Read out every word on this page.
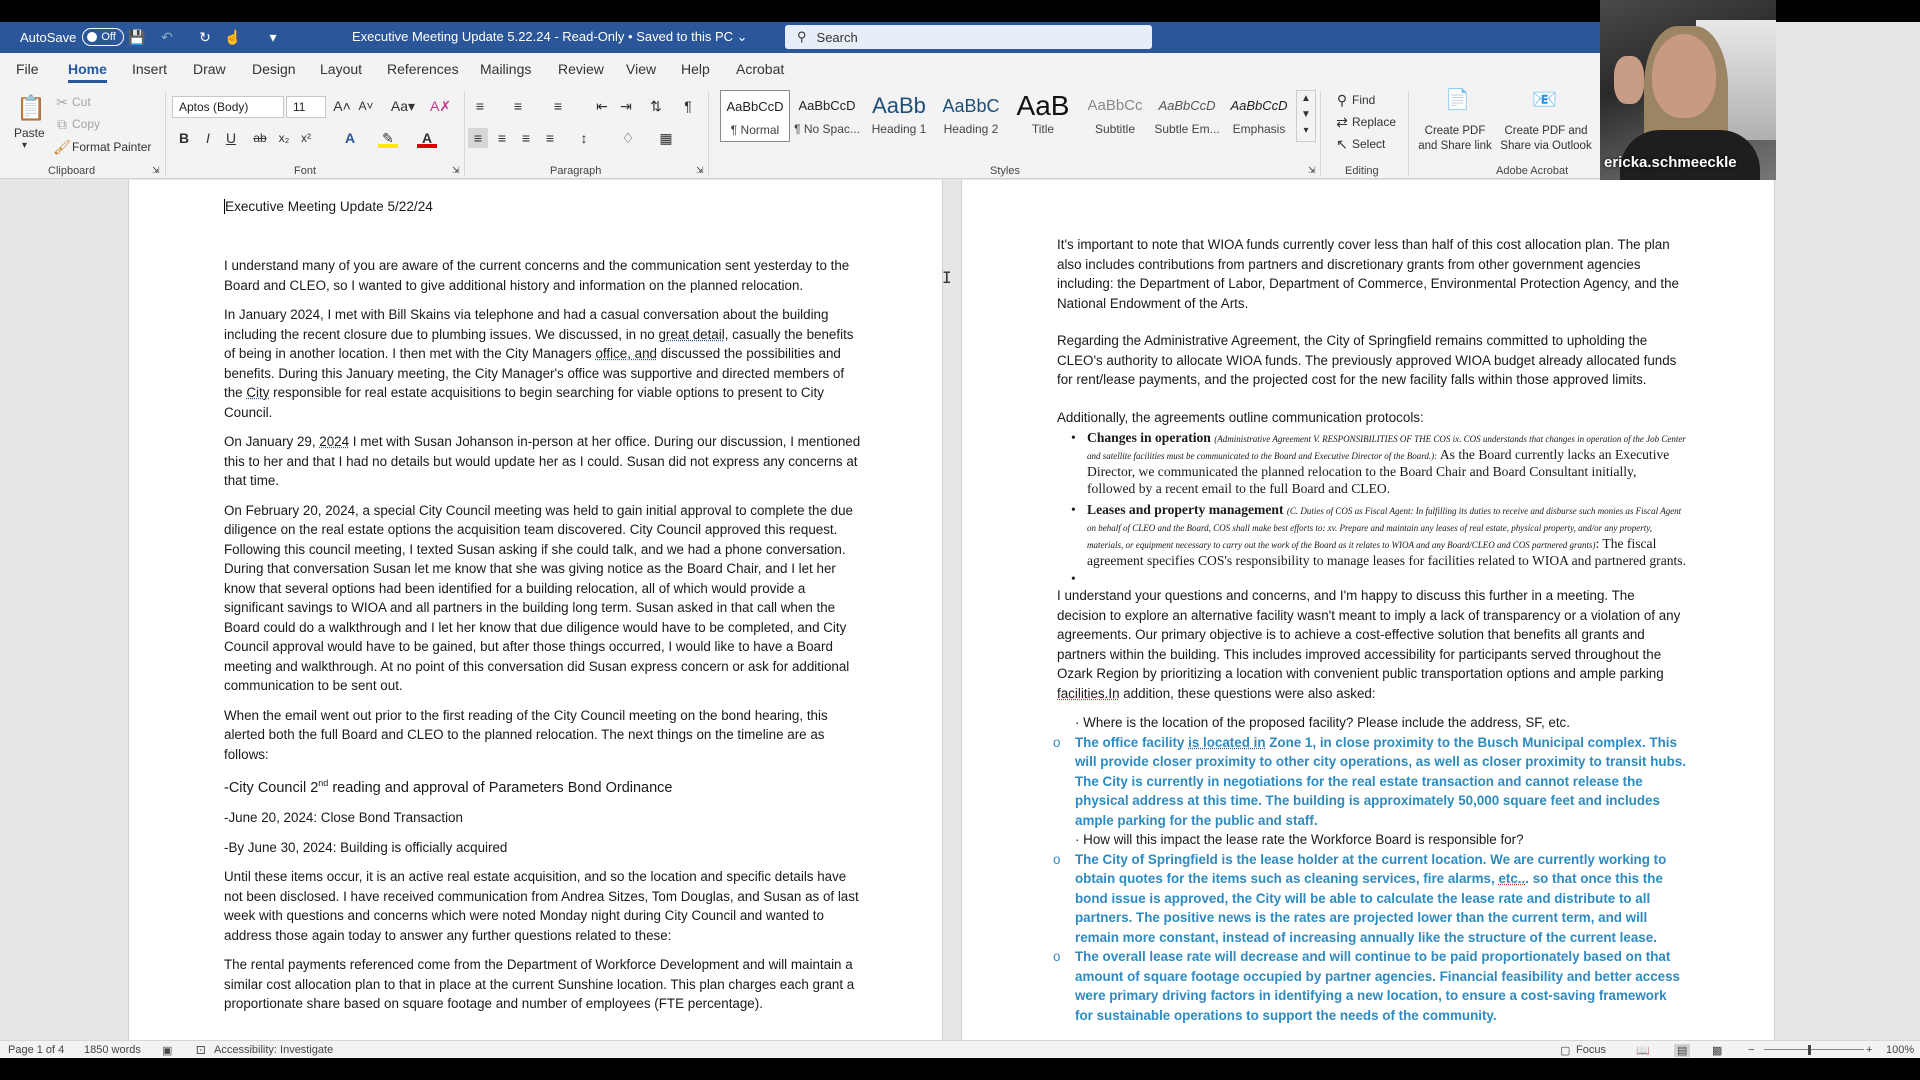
AutoSave Off 💾 ↶ ↻ ☝	▾	Executive Meeting Update 5.22.24 - Read-Only • Saved to this PC ⌄	⚲ Search
File Home Insert Draw Design Layout References Mailings Review View Help Acrobat
📋
Paste
▾
✂ Cut
⧉ Copy
🖌 Format Painter
Clipboard	⇲
Aptos (Body)	11	A˄ A˅ Aa▾ A✗
B	I	U	ab x₂ x²	A	✎	A
Font	⇲
≡	≡	≡	⇤ ⇥ ⇅	¶
≡	≡	≡	≡	↕	♢ ▦
Paragraph	⇲
AaBbCcD
¶ Normal
AaBbCcD
¶ No Spac...
AaBb
Heading 1
AaBbC
Heading 2
AaB
Title
AaBbCc
Subtitle
AaBbCcD
Subtle Em...
AaBbCcD
Emphasis
▲
▼
▾
Styles	⇲
⚲ Find
⇄ Replace
↖ Select
Editing
📄
Create PDF and Share link
📧
Create PDF and Share via Outlook
Adobe Acrobat ericka.schmeeckle
Executive Meeting Update 5/22/24

I understand many of you are aware of the current concerns and the communication sent yesterday to the Board and CLEO, so I wanted to give additional history and information on the planned relocation.

In January 2024, I met with Bill Skains via telephone and had a casual conversation about the building including the recent closure due to plumbing issues. We discussed, in no great detail, casually the benefits of being in another location. I then met with the City Managers office, and discussed the possibilities and benefits. During this January meeting, the City Manager's office was supportive and directed members of the City responsible for real estate acquisitions to begin searching for viable options to present to City Council.

On January 29, 2024 I met with Susan Johanson in-person at her office. During our discussion, I mentioned this to her and that I had no details but would update her as I could. Susan did not express any concerns at that time.

On February 20, 2024, a special City Council meeting was held to gain initial approval to complete the due diligence on the real estate options the acquisition team discovered. City Council approved this request. Following this council meeting, I texted Susan asking if she could talk, and we had a phone conversation. During that conversation Susan let me know that she was giving notice as the Board Chair, and I let her know that several options had been identified for a building relocation, all of which would provide a significant savings to WIOA and all partners in the building long term. Susan asked in that call when the Board could do a walkthrough and I let her know that due diligence would have to be completed, and City Council approval would have to be gained, but after those things occurred, I would like to have a Board meeting and walkthrough. At no point of this conversation did Susan express concern or ask for additional communication to be sent out.

When the email went out prior to the first reading of the City Council meeting on the bond hearing, this alerted both the full Board and CLEO to the planned relocation. The next things on the timeline are as follows:

-City Council 2nd reading and approval of Parameters Bond Ordinance

-June 20, 2024: Close Bond Transaction

-By June 30, 2024: Building is officially acquired

Until these items occur, it is an active real estate acquisition, and so the location and specific details have not been disclosed. I have received communication from Andrea Sitzes, Tom Douglas, and Susan as of last week with questions and concerns which were noted Monday night during City Council and wanted to address those again today to answer any further questions related to these:

The rental payments referenced come from the Department of Workforce Development and will maintain a similar cost allocation plan to that in place at the current Sunshine location. This plan charges each grant a proportionate share based on square footage and number of employees (FTE percentage).

It's important to note that WIOA funds currently cover less than half of this cost allocation plan. The plan also includes contributions from partners and discretionary grants from other government agencies including: the Department of Labor, Department of Commerce, Environmental Protection Agency, and the National Endowment of the Arts.

Regarding the Administrative Agreement, the City of Springfield remains committed to upholding the CLEO's authority to allocate WIOA funds. The previously approved WIOA budget already allocated funds for rent/lease payments, and the projected cost for the new facility falls within those approved limits.

Additionally, the agreements outline communication protocols:

• Changes in operation (Administrative Agreement V. RESPONSIBILITIES OF THE COS ix. COS understands that changes in operation of the Job Center and satellite facilities must be communicated to the Board and Executive Director of the Board.): As the Board currently lacks an Executive Director, we communicated the planned relocation to the Board Chair and Board Consultant initially, followed by a recent email to the full Board and CLEO.
• Leases and property management (C. Duties of COS as Fiscal Agent: In fulfilling its duties to receive and disburse such monies as Fiscal Agent on behalf of CLEO and the Board, COS shall make best efforts to: xv. Prepare and maintain any leases of real estate, physical property, and/or any property, materials, or equipment necessary to carry out the work of the Board as it relates to WIOA and any Board/CLEO and COS partnered grants): The fiscal agreement specifies COS's responsibility to manage leases for facilities related to WIOA and partnered grants.
•

I understand your questions and concerns, and I'm happy to discuss this further in a meeting. The decision to explore an alternative facility wasn't meant to imply a lack of transparency or a violation of any agreements. Our primary objective is to achieve a cost-effective solution that benefits all grants and partners within the building. This includes improved accessibility for participants served throughout the Ozark Region by prioritizing a location with convenient public transportation options and ample parking facilities.In addition, these questions were also asked:

· Where is the location of the proposed facility? Please include the address, SF, etc.

o The office facility is located in Zone 1, in close proximity to the Busch Municipal complex. This will provide closer proximity to other city operations, as well as closer proximity to transit hubs. The City is currently in negotiations for the real estate transaction and cannot release the physical address at this time. The building is approximately 50,000 square feet and includes ample parking for the public and staff.

· How will this impact the lease rate the Workforce Board is responsible for?

o The City of Springfield is the lease holder at the current location. We are currently working to obtain quotes for the items such as cleaning services, fire alarms, etc... so that once this the bond issue is approved, the City will be able to calculate the lease rate and distribute to all partners. The positive news is the rates are projected lower than the current term, and will remain more constant, instead of increasing annually like the structure of the current lease.
o The overall lease rate will decrease and will continue to be paid proportionately based on that amount of square footage occupied by partner agencies. Financial feasibility and better access were primary driving factors in identifying a new location, to ensure a cost-saving framework for sustainable operations to support the needs of the community.
I
Page 1 of 4 1850 words ▣ ⚀ Accessibility: Investigate	▢ Focus	📖 ▤ ▩ −	+ 100%
